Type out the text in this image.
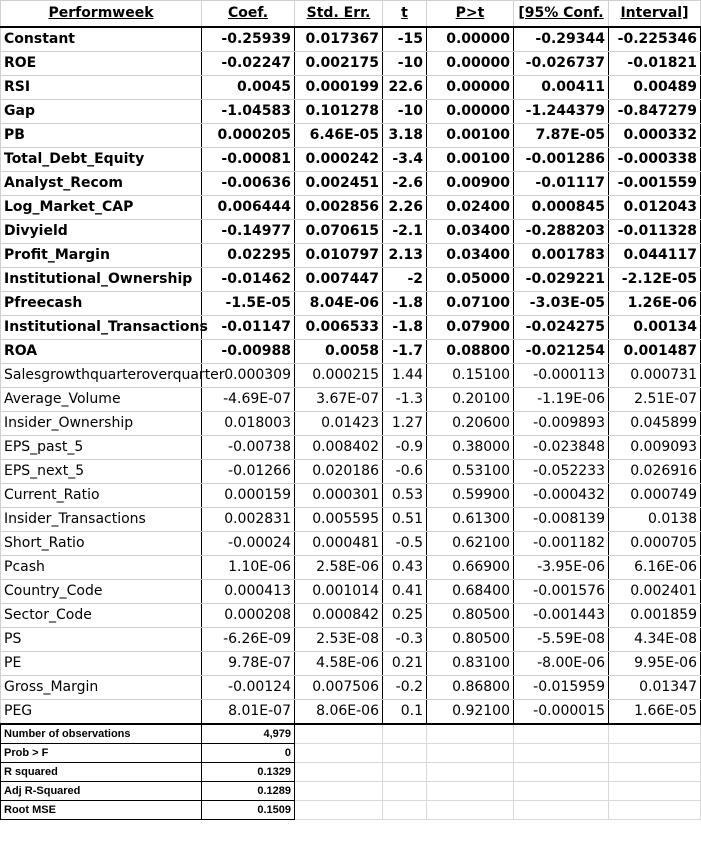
Performweek	Coef.	Std. Err.	t	P>t	[95% Conf.	Interval]
Constant	-0.25939	0.017367	-15	0.00000	-0.29344	-0.225346
ROE	-0.02247	0.002175	-10	0.00000	-0.026737	-0.01821
RSI	0.0045	0.000199	22.6	0.00000	0.00411	0.00489
Gap	-1.04583	0.101278	-10	0.00000	-1.244379	-0.847279
PB	0.000205	6.46E-05	3.18	0.00100	7.87E-05	0.000332
Total_Debt_Equity	-0.00081	0.000242	-3.4	0.00100	-0.001286	-0.000338
Analyst_Recom	-0.00636	0.002451	-2.6	0.00900	-0.01117	-0.001559
Log_Market_CAP	0.006444	0.002856	2.26	0.02400	0.000845	0.012043
Divyield	-0.14977	0.070615	-2.1	0.03400	-0.288203	-0.011328
Profit_Margin	0.02295	0.010797	2.13	0.03400	0.001783	0.044117
Institutional_Ownership	-0.01462	0.007447	-2	0.05000	-0.029221	-2.12E-05
Pfreecash	-1.5E-05	8.04E-06	-1.8	0.07100	-3.03E-05	1.26E-06
Institutional_Transactions	-0.01147	0.006533	-1.8	0.07900	-0.024275	0.00134
ROA	-0.00988	0.0058	-1.7	0.08800	-0.021254	0.001487
Salesgrowthquarteroverquarter	0.000309	0.000215	1.44	0.15100	-0.000113	0.000731
Average_Volume	-4.69E-07	3.67E-07	-1.3	0.20100	-1.19E-06	2.51E-07
Insider_Ownership	0.018003	0.01423	1.27	0.20600	-0.009893	0.045899
EPS_past_5	-0.00738	0.008402	-0.9	0.38000	-0.023848	0.009093
EPS_next_5	-0.01266	0.020186	-0.6	0.53100	-0.052233	0.026916
Current_Ratio	0.000159	0.000301	0.53	0.59900	-0.000432	0.000749
Insider_Transactions	0.002831	0.005595	0.51	0.61300	-0.008139	0.0138
Short_Ratio	-0.00024	0.000481	-0.5	0.62100	-0.001182	0.000705
Pcash	1.10E-06	2.58E-06	0.43	0.66900	-3.95E-06	6.16E-06
Country_Code	0.000413	0.001014	0.41	0.68400	-0.001576	0.002401
Sector_Code	0.000208	0.000842	0.25	0.80500	-0.001443	0.001859
PS	-6.26E-09	2.53E-08	-0.3	0.80500	-5.59E-08	4.34E-08
PE	9.78E-07	4.58E-06	0.21	0.83100	-8.00E-06	9.95E-06
Gross_Margin	-0.00124	0.007506	-0.2	0.86800	-0.015959	0.01347
PEG	8.01E-07	8.06E-06	0.1	0.92100	-0.000015	1.66E-05
Number of observations	4,979					
Prob > F	0					
R squared	0.1329					
Adj R-Squared	0.1289					
Root MSE	0.1509					
